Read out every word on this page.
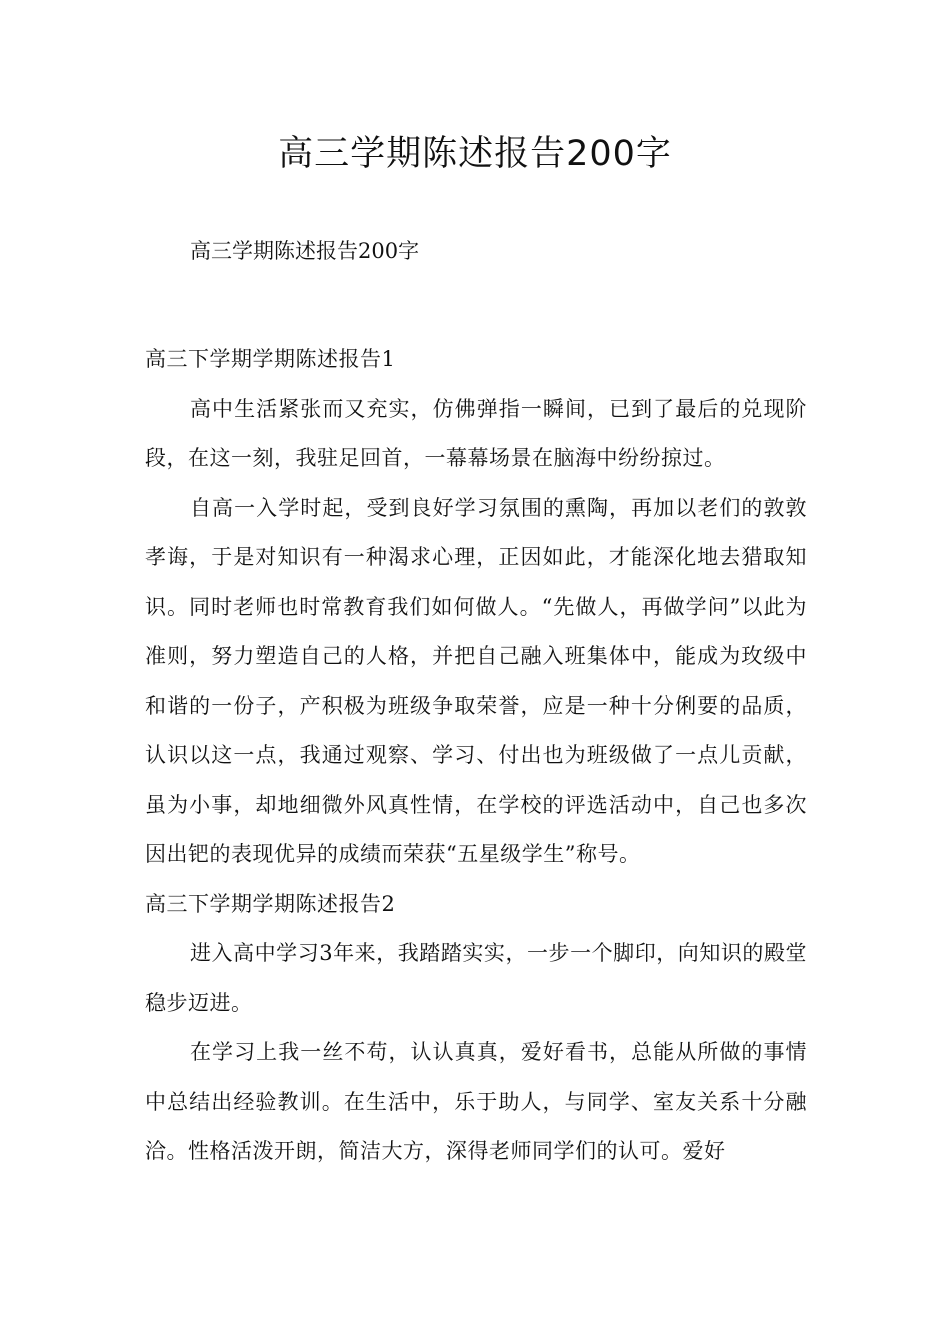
高三学期陈述报告200字

高三学期陈述报告200字

高三下学期学期陈述报告1

高中生活紧张而又充实，仿佛弹指一瞬间，已到了最后的兑现阶段，在这一刻，我驻足回首，一幕幕场景在脑海中纷纷掠过。

自高一入学时起，受到良好学习氛围的熏陶，再加以老们的敦敦孝诲，于是对知识有一种渴求心理，正因如此，才能深化地去猎取知识。同时老师也时常教育我们如何做人。“先做人，再做学问”以此为准则，努力塑造自己的人格，并把自己融入班集体中，能成为玫级中和谐的一份子，产积极为班级争取荣誉，应是一种十分俐要的品质，认识以这一点，我通过观察、学习、付出也为班级做了一点儿贡献，虽为小事，却地细微外风真性情，在学校的评选活动中，自己也多次因出钯的表现优异的成绩而荣获“五星级学生”称号。

高三下学期学期陈述报告2

进入高中学习3年来，我踏踏实实，一步一个脚印，向知识的殿堂稳步迈进。

在学习上我一丝不苟，认认真真，爱好看书，总能从所做的事情中总结出经验教训。在生活中，乐于助人，与同学、室友关系十分融洽。性格活泼开朗，简洁大方，深得老师同学们的认可。爱好
